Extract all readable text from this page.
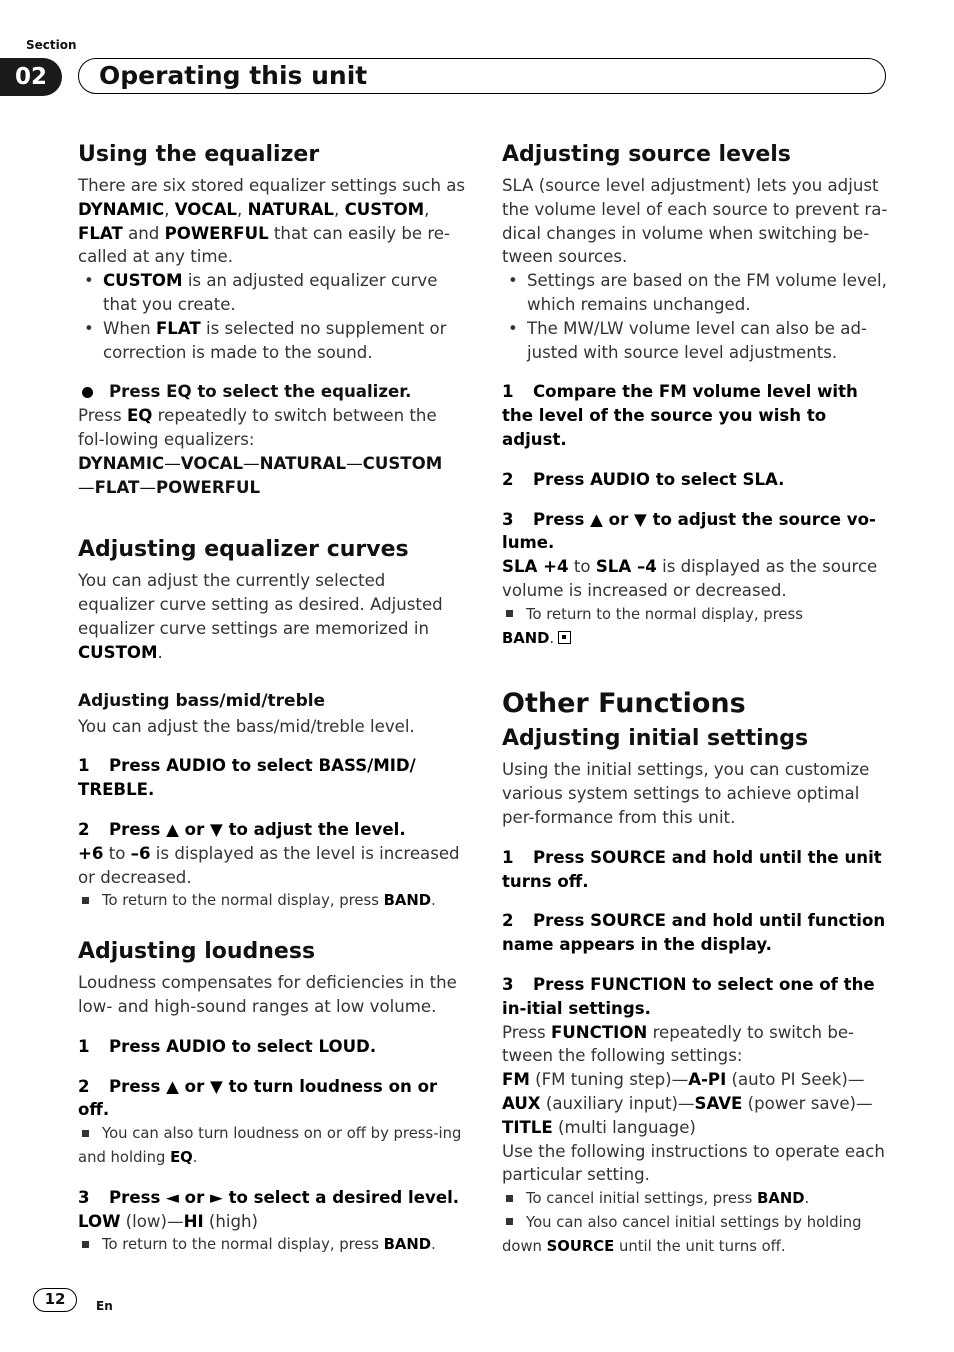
Section
02	Operating this unit
Using the equalizer

There are six stored equalizer settings such as DYNAMIC, VOCAL, NATURAL, CUSTOM, FLAT and POWERFUL that can easily be re-called at any time.

• CUSTOM is an adjusted equalizer curve that you create.
• When FLAT is selected no supplement or correction is made to the sound.
Press EQ to select the equalizer.

Press EQ repeatedly to switch between the fol-lowing equalizers:

DYNAMIC—VOCAL—NATURAL—CUSTOM
—FLAT—POWERFUL
Adjusting equalizer curves

You can adjust the currently selected equalizer curve setting as desired. Adjusted equalizer curve settings are memorized in CUSTOM.

Adjusting bass/mid/treble

You can adjust the bass/mid/treble level.

1 Press AUDIO to select BASS/MID/ TREBLE.
2 Press ▲ or ▼ to adjust the level.

+6 to –6 is displayed as the level is increased or decreased.

To return to the normal display, press BAND.
Adjusting loudness

Loudness compensates for deficiencies in the low- and high-sound ranges at low volume.

1 Press AUDIO to select LOUD.
2 Press ▲ or ▼ to turn loudness on or off.
You can also turn loudness on or off by press-ing and holding EQ.
3 Press ◄ or ► to select a desired level.

LOW (low)—HI (high)

To return to the normal display, press BAND.
Adjusting source levels

SLA (source level adjustment) lets you adjust the volume level of each source to prevent ra-dical changes in volume when switching be-tween sources.

• Settings are based on the FM volume level, which remains unchanged.
• The MW/LW volume level can also be ad-justed with source level adjustments.
1 Compare the FM volume level with the level of the source you wish to adjust.
2 Press AUDIO to select SLA.
3 Press ▲ or ▼ to adjust the source vo-lume.

SLA +4 to SLA –4 is displayed as the source volume is increased or decreased.

To return to the normal display, press
BAND.
Other Functions
Adjusting initial settings

Using the initial settings, you can customize various system settings to achieve optimal per-formance from this unit.

1 Press SOURCE and hold until the unit turns off.
2 Press SOURCE and hold until function name appears in the display.
3 Press FUNCTION to select one of the in-itial settings.

Press FUNCTION repeatedly to switch be-tween the following settings:

FM (FM tuning step)—A-PI (auto PI Seek)—AUX (auxiliary input)—SAVE (power save)—TITLE (multi language)

Use the following instructions to operate each particular setting.

To cancel initial settings, press BAND.
You can also cancel initial settings by holding down SOURCE until the unit turns off.
12	En
